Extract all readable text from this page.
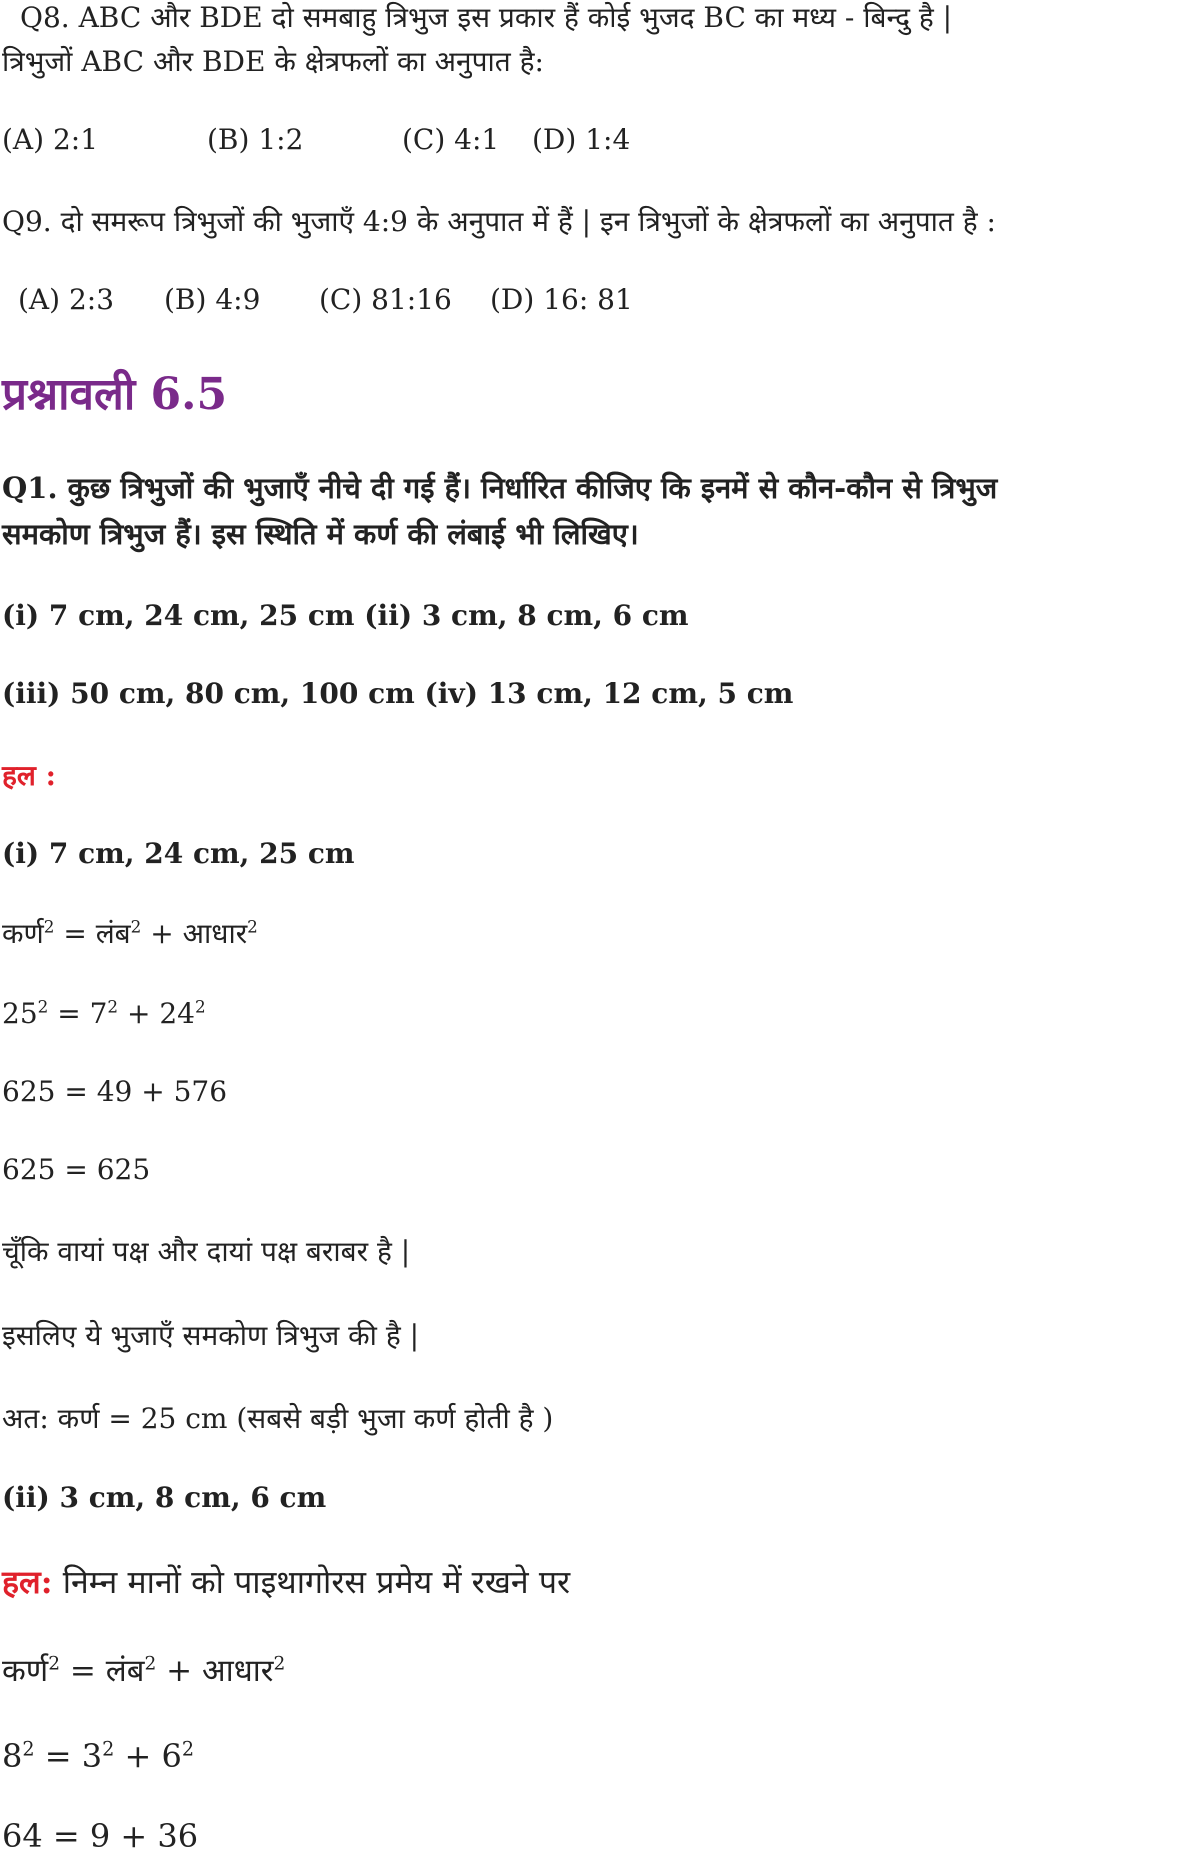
Q8. ABC और BDE दो समबाहु त्रिभुज इस प्रकार हैं कोई भुजद BC का मध्य - बिन्दु है |
त्रिभुजों ABC और BDE के क्षेत्रफलों का अनुपात है:
(A) 2:1	(B) 1:2	(C) 4:1 (D) 1:4
Q9. दो समरूप त्रिभुजों की भुजाएँ 4:9 के अनुपात में हैं | इन त्रिभुजों के क्षेत्रफलों का अनुपात है :
(A) 2:3 (B) 4:9 (C) 81:16 (D) 16: 81
प्रश्नावली 6.5
Q1. कुछ त्रिभुजों की भुजाएँ नीचे दी गई हैं। निर्धारित कीजिए कि इनमें से कौन-कौन से त्रिभुज
समकोण त्रिभुज हैं। इस स्थिति में कर्ण की लंबाई भी लिखिए।
(i) 7 cm, 24 cm, 25 cm (ii) 3 cm, 8 cm, 6 cm
(iii) 50 cm, 80 cm, 100 cm (iv) 13 cm, 12 cm, 5 cm
हल :
(i) 7 cm, 24 cm, 25 cm
कर्ण$^2$ = लंब$^2$ + आधार$^2$
$25^2 = 7^2 + 24^2$
625 = 49 + 576
625 = 625
चूँकि वायां पक्ष और दायां पक्ष बराबर है |
इसलिए ये भुजाएँ समकोण त्रिभुज की है |
अत: कर्ण = 25 cm (सबसे बड़ी भुजा कर्ण होती है )
(ii) 3 cm, 8 cm, 6 cm
हल: निम्न मानों को पाइथागोरस प्रमेय में रखने पर
कर्ण$^2$ = लंब$^2$ + आधार$^2$
$8^2 = 3^2 + 6^2$
64 = 9 + 36
